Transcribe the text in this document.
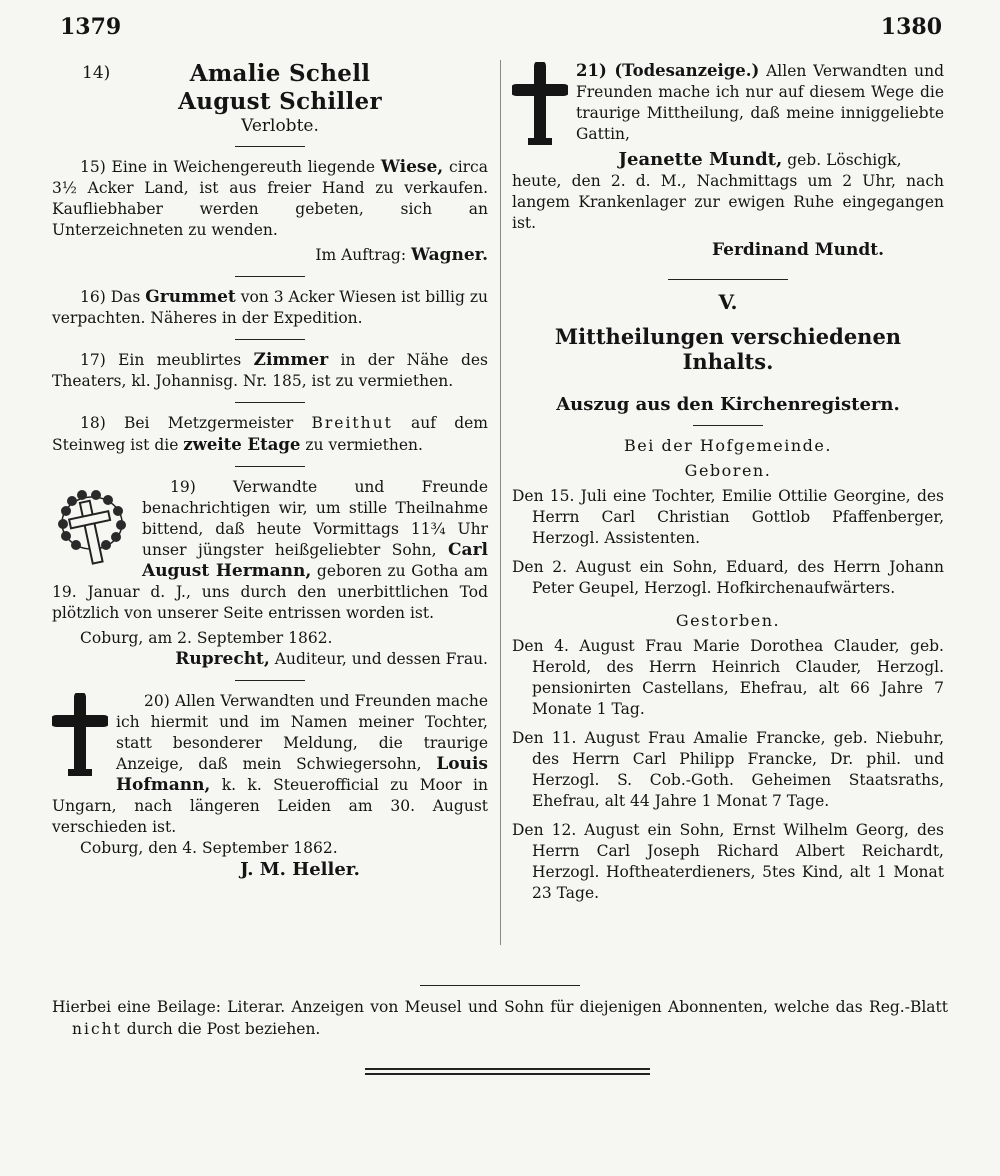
1379	1380
14)	Amalie Schell
August Schiller
Verlobte.

15) Eine in Weichengereuth liegende Wiese, circa 3½ Acker Land, ist aus freier Hand zu verkaufen. Kaufliebhaber werden gebeten, sich an Unterzeichneten zu wenden.

Im Auftrag: Wagner.

16) Das Grummet von 3 Acker Wiesen ist billig zu verpachten. Näheres in der Expedition.

17) Ein meublirtes Zimmer in der Nähe des Theaters, kl. Johannisg. Nr. 185, ist zu vermiethen.

18) Bei Metzgermeister Breithut auf dem Steinweg ist die zweite Etage zu vermiethen.

19) Verwandte und Freunde benachrichtigen wir, um stille Theilnahme bittend, daß heute Vormittags 11¾ Uhr unser jüngster heißgeliebter Sohn, Carl August Hermann, geboren zu Gotha am 19. Januar d. J., uns durch den unerbittlichen Tod plötzlich von unserer Seite entrissen worden ist.

Coburg, am 2. September 1862.

Ruprecht, Auditeur, und dessen Frau.

20) Allen Verwandten und Freunden mache ich hiermit und im Namen meiner Tochter, statt besonderer Meldung, die traurige Anzeige, daß mein Schwiegersohn, Louis Hofmann, k. k. Steuerofficial zu Moor in Ungarn, nach längeren Leiden am 30. August verschieden ist.

Coburg, den 4. September 1862.

J. M. Heller.

21) (Todesanzeige.) Allen Verwandten und Freunden mache ich nur auf diesem Wege die traurige Mittheilung, daß meine inniggeliebte Gattin,

Jeanette Mundt, geb. Löschigk,

heute, den 2. d. M., Nachmittags um 2 Uhr, nach langem Krankenlager zur ewigen Ruhe eingegangen ist.

Ferdinand Mundt.

V.
Mittheilungen verschiedenen Inhalts.
Auszug aus den Kirchenregistern.
Bei der Hofgemeinde.
Geboren.

Den 15. Juli eine Tochter, Emilie Ottilie Georgine, des Herrn Carl Christian Gottlob Pfaffenberger, Herzogl. Assistenten.

Den 2. August ein Sohn, Eduard, des Herrn Johann Peter Geupel, Herzogl. Hofkirchenaufwärters.

Gestorben.

Den 4. August Frau Marie Dorothea Clauder, geb. Herold, des Herrn Heinrich Clauder, Herzogl. pensionirten Castellans, Ehefrau, alt 66 Jahre 7 Monate 1 Tag.

Den 11. August Frau Amalie Francke, geb. Niebuhr, des Herrn Carl Philipp Francke, Dr. phil. und Herzogl. S. Cob.-Goth. Geheimen Staatsraths, Ehefrau, alt 44 Jahre 1 Monat 7 Tage.

Den 12. August ein Sohn, Ernst Wilhelm Georg, des Herrn Carl Joseph Richard Albert Reichardt, Herzogl. Hoftheaterdieners, 5tes Kind, alt 1 Monat 23 Tage.

Hierbei eine Beilage: Literar. Anzeigen von Meusel und Sohn für diejenigen Abonnenten, welche das Reg.-Blatt nicht durch die Post beziehen.
